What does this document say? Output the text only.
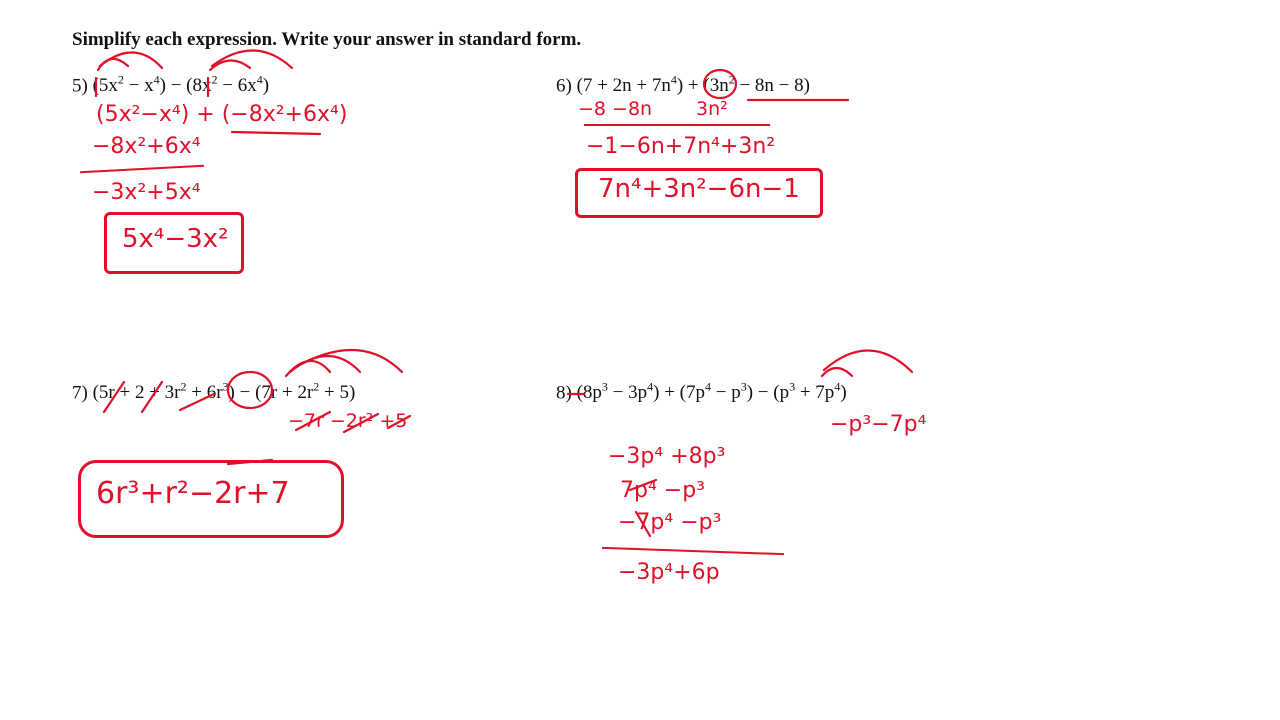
Simplify each expression. Write your answer in standard form.
5) $(5x^2 - x^4) - (8x^2 - 6x^4)$
(5x²−x⁴) + (−8x²+6x⁴)
−8x²+6x⁴
−3x²+5x⁴
5x⁴−3x²
6) $(7 + 2n + 7n^4) + (3n^2 - 8n - 8)$
−8 −8n 3n²
−1−6n+7n⁴+3n²
7n⁴+3n²−6n−1
7) $(5r + 2 + 3r^2 + 6r^3) - (7r + 2r^2 + 5)$
−7r −2r² +5
6r³+r²−2r+7
8) $(8p^3 - 3p^4) + (7p^4 - p^3) - (p^3 + 7p^4)$
−p³−7p⁴
−3p⁴ +8p³
7p⁴ −p³
−7p⁴ −p³
−3p⁴+6p
